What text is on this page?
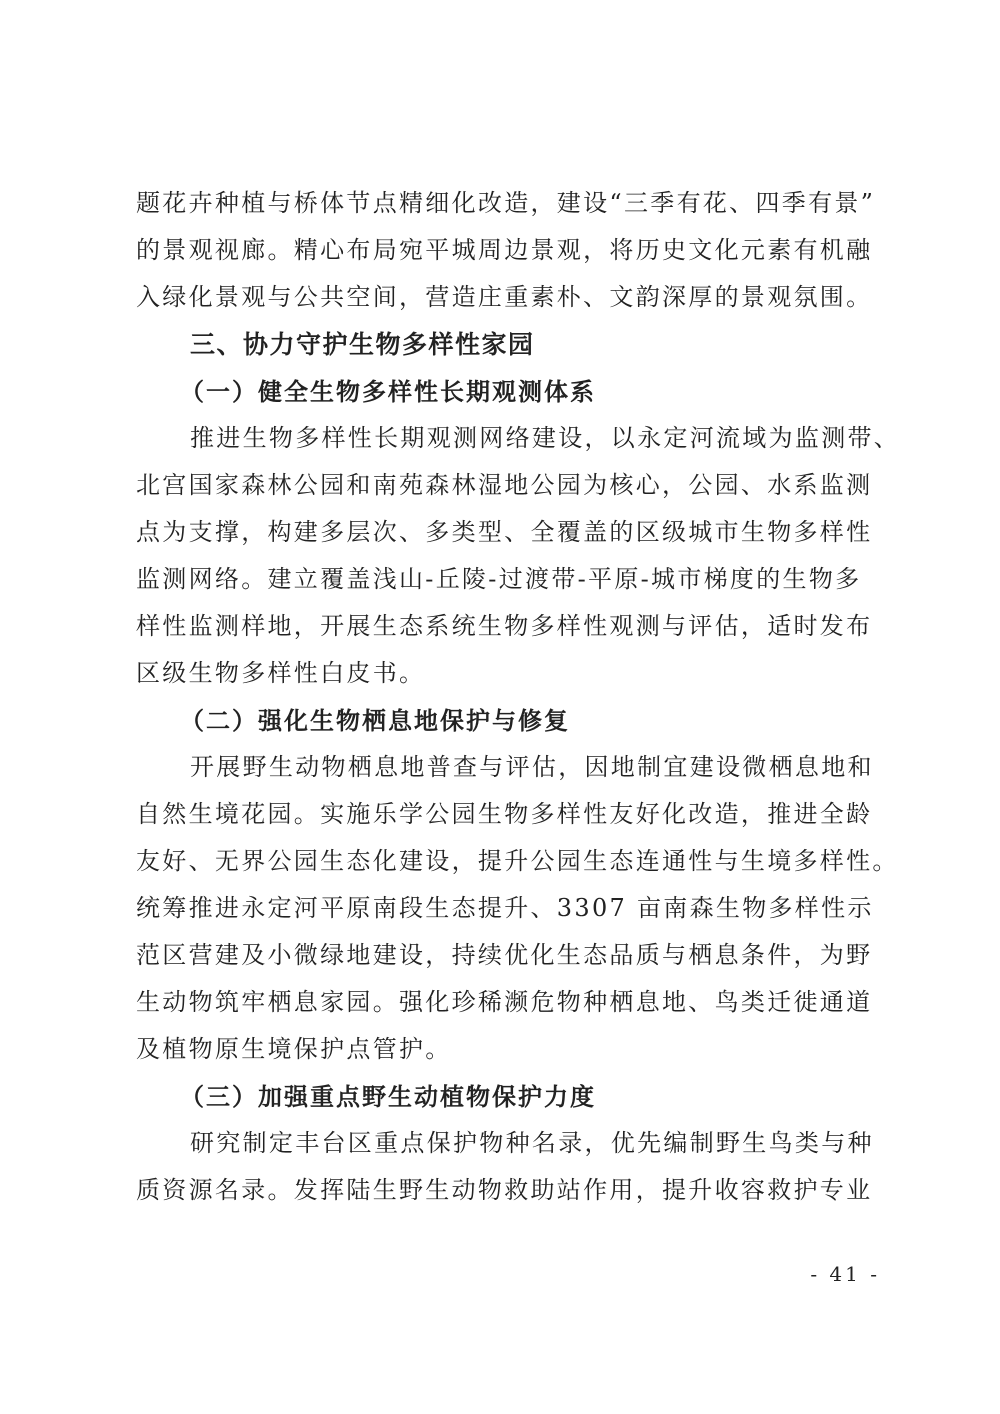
题花卉种植与桥体节点精细化改造，建设“三季有花、四季有景”
的景观视廊。精心布局宛平城周边景观，将历史文化元素有机融
入绿化景观与公共空间，营造庄重素朴、文韵深厚的景观氛围。
三、协力守护生物多样性家园
（一）健全生物多样性长期观测体系
推进生物多样性长期观测网络建设，以永定河流域为监测带、
北宫国家森林公园和南苑森林湿地公园为核心，公园、水系监测
点为支撑，构建多层次、多类型、全覆盖的区级城市生物多样性
监测网络。建立覆盖浅山-丘陵-过渡带-平原-城市梯度的生物多
样性监测样地，开展生态系统生物多样性观测与评估，适时发布
区级生物多样性白皮书。
（二）强化生物栖息地保护与修复
开展野生动物栖息地普查与评估，因地制宜建设微栖息地和
自然生境花园。实施乐学公园生物多样性友好化改造，推进全龄
友好、无界公园生态化建设，提升公园生态连通性与生境多样性。
统筹推进永定河平原南段生态提升、3307 亩南森生物多样性示
范区营建及小微绿地建设，持续优化生态品质与栖息条件，为野
生动物筑牢栖息家园。强化珍稀濒危物种栖息地、鸟类迁徙通道
及植物原生境保护点管护。
（三）加强重点野生动植物保护力度
研究制定丰台区重点保护物种名录，优先编制野生鸟类与种
质资源名录。发挥陆生野生动物救助站作用，提升收容救护专业
- 41 -
